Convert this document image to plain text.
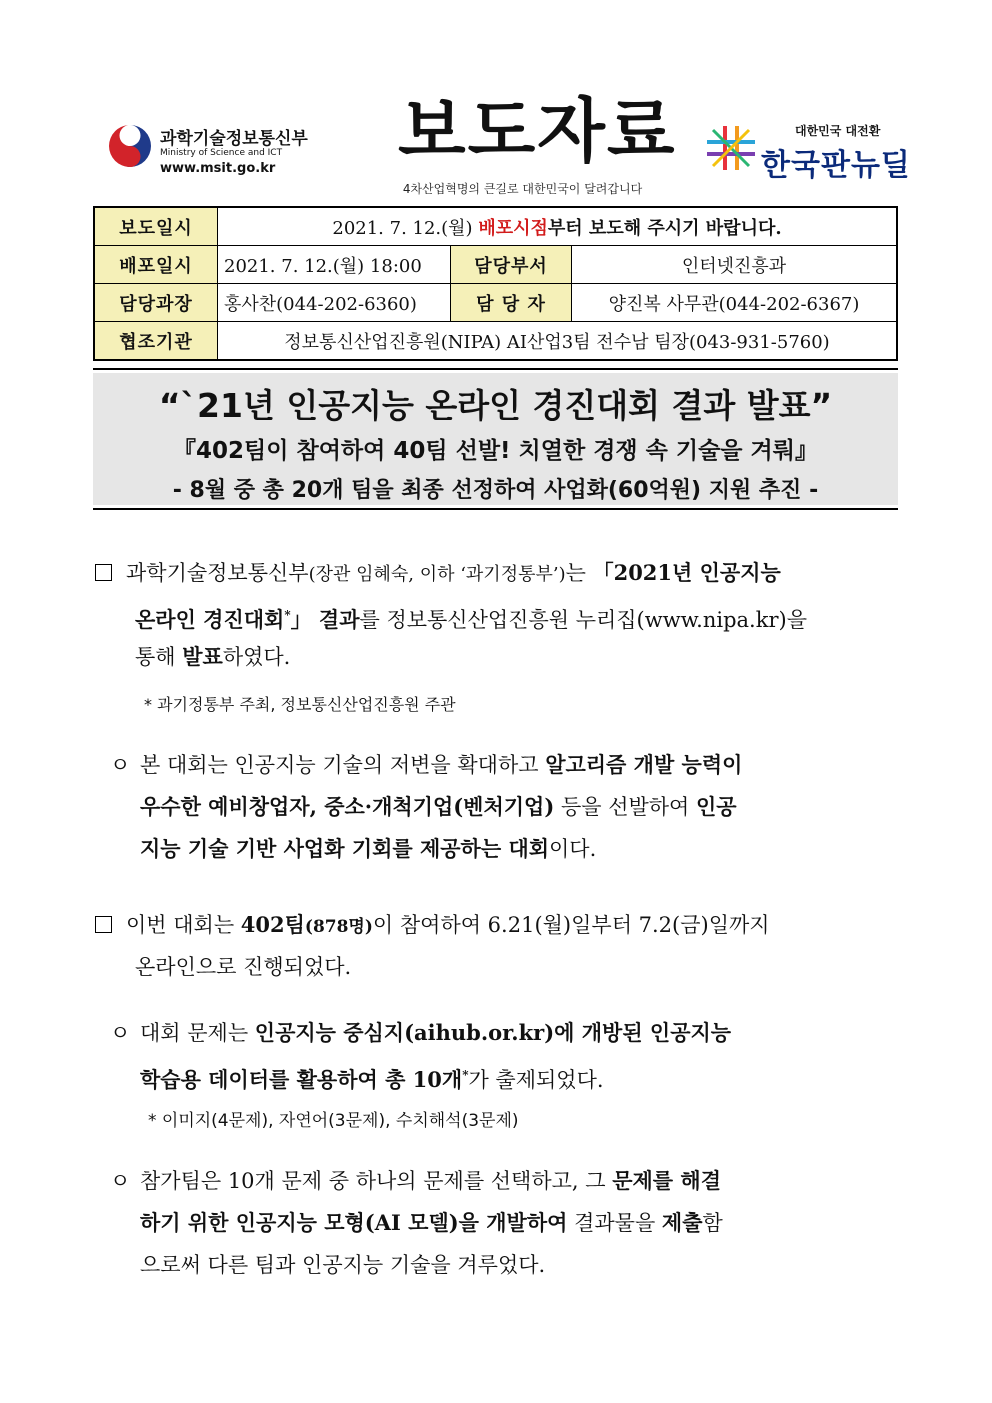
과학기술정보통신부
Ministry of Science and ICT
www.msit.go.kr 보도자료
4차산업혁명의 큰길로 대한민국이 달려갑니다
대한민국 대전환
한국판뉴딜
보도일시	2021. 7. 12.(월) 배포시점부터 보도해 주시기 바랍니다.		
배포일시	2021. 7. 12.(월) 18:00	담당부서	인터넷진흥과
담당과장	홍사찬(044-202-6360)	담 당 자	양진복 사무관(044-202-6367)
협조기관	정보통신산업진흥원(NIPA) AI산업3팀 전수남 팀장(043-931-5760)		
“`21년 인공지능 온라인 경진대회 결과 발표”
『402팀이 참여하여 40팀 선발! 치열한 경쟁 속 기술을 겨뤄』
- 8월 중 총 20개 팀을 최종 선정하여 사업화(60억원) 지원 추진 -
과학기술정보통신부(장관 임혜숙, 이하 ‘과기정통부’)는 「2021년 인공지능
온라인 경진대회*」 결과를 정보통신산업진흥원 누리집(www.nipa.kr)을
통해 발표하였다.
* 과기정통부 주최, 정보통신산업진흥원 주관
ㅇ 본 대회는 인공지능 기술의 저변을 확대하고 알고리즘 개발 능력이
우수한 예비창업자, 중소·개척기업(벤처기업) 등을 선발하여 인공
지능 기술 기반 사업화 기회를 제공하는 대회이다.
이번 대회는 402팀(878명)이 참여하여 6.21(월)일부터 7.2(금)일까지
온라인으로 진행되었다.
ㅇ 대회 문제는 인공지능 중심지(aihub.or.kr)에 개방된 인공지능
학습용 데이터를 활용하여 총 10개*가 출제되었다.
* 이미지(4문제), 자연어(3문제), 수치해석(3문제)
ㅇ 참가팀은 10개 문제 중 하나의 문제를 선택하고, 그 문제를 해결
하기 위한 인공지능 모형(AI 모델)을 개발하여 결과물을 제출함
으로써 다른 팀과 인공지능 기술을 겨루었다.
